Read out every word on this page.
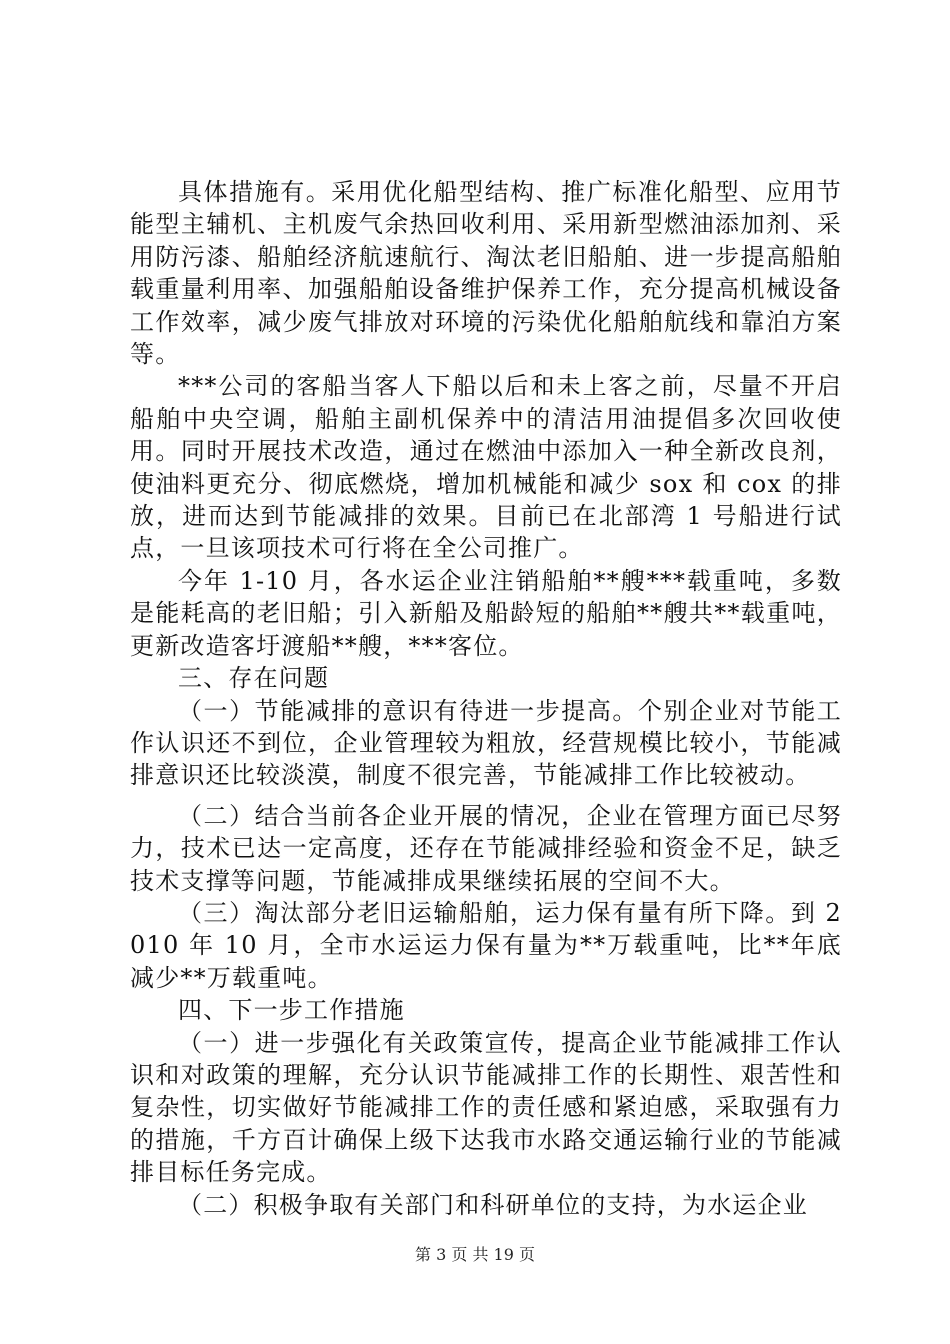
具体措施有。采用优化船型结构、推广标准化船型、应用节能型主辅机、主机废气余热回收利用、采用新型燃油添加剂、采用防污漆、船舶经济航速航行、淘汰老旧船舶、进一步提高船舶载重量利用率、加强船舶设备维护保养工作，充分提高机械设备工作效率，减少废气排放对环境的污染优化船舶航线和靠泊方案等。

***公司的客船当客人下船以后和未上客之前，尽量不开启船舶中央空调，船舶主副机保养中的清洁用油提倡多次回收使用。同时开展技术改造，通过在燃油中添加入一种全新改良剂，使油料更充分、彻底燃烧，增加机械能和减少 sox 和 cox 的排放，进而达到节能减排的效果。目前已在北部湾 1 号船进行试点，一旦该项技术可行将在全公司推广。

今年 1-10 月，各水运企业注销船舶**艘***载重吨，多数是能耗高的老旧船；引入新船及船龄短的船舶**艘共**载重吨，更新改造客圩渡船**艘，***客位。

三、存在问题

（一）节能减排的意识有待进一步提高。个别企业对节能工作认识还不到位，企业管理较为粗放，经营规模比较小，节能减排意识还比较淡漠，制度不很完善，节能减排工作比较被动。

（二）结合当前各企业开展的情况，企业在管理方面已尽努力，技术已达一定高度，还存在节能减排经验和资金不足，缺乏技术支撑等问题，节能减排成果继续拓展的空间不大。

（三）淘汰部分老旧运输船舶，运力保有量有所下降。到 2010 年 10 月，全市水运运力保有量为**万载重吨，比**年底减少**万载重吨。

四、下一步工作措施

（一）进一步强化有关政策宣传，提高企业节能减排工作认识和对政策的理解，充分认识节能减排工作的长期性、艰苦性和复杂性，切实做好节能减排工作的责任感和紧迫感，采取强有力的措施，千方百计确保上级下达我市水路交通运输行业的节能减排目标任务完成。

（二）积极争取有关部门和科研单位的支持，为水运企业

第 3 页 共 19 页
